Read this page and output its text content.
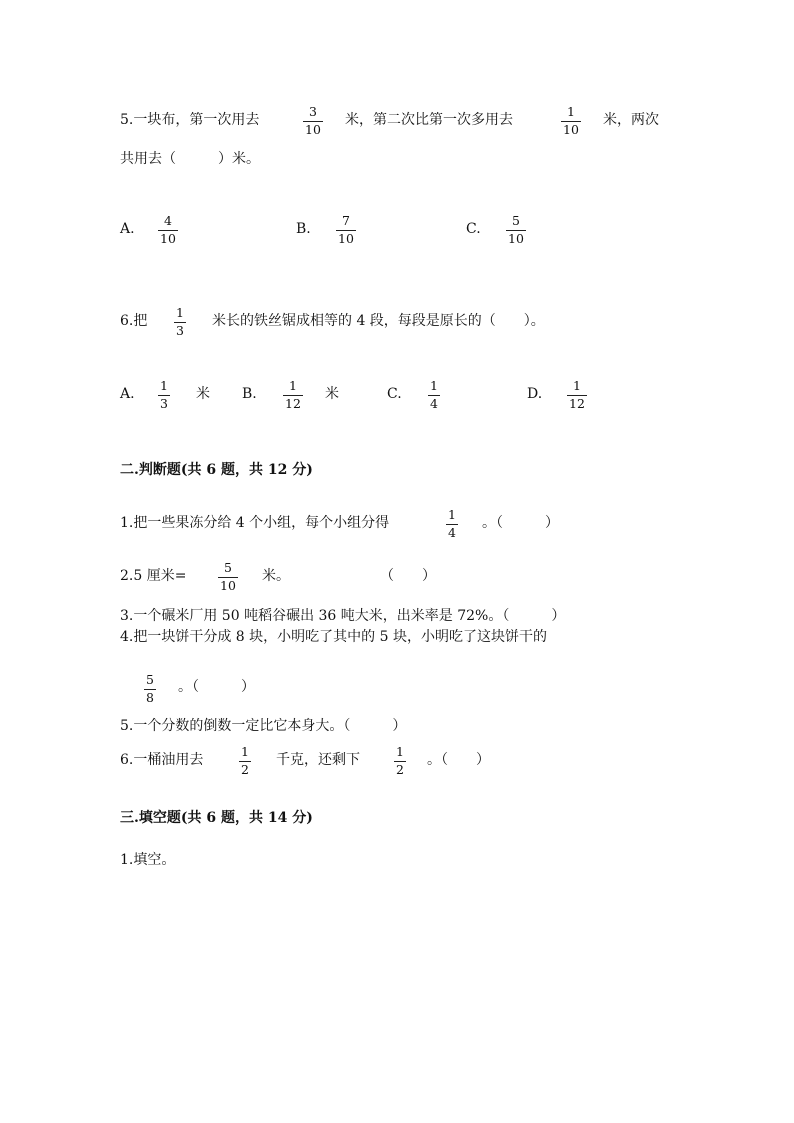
5.一块布，第一次用去
3
10
米，第二次比第一次多用去
1
10
米，两次
共用去（　　　）米。
A.
4
10
B.
7
10
C.
5
10
6.把
1
3
米长的铁丝锯成相等的 4 段，每段是原长的（　　）。
A.
1
3
米 B.
1
12
米	C.
1
4
D.
1
12
二.判断题(共 6 题，共 12 分)
1.把一些果冻分给 4 个小组，每个小组分得
1
4
。（　　　）
2.5 厘米=
5
10
米。	（　　）
3.一个碾米厂用 50 吨稻谷碾出 36 吨大米，出米率是 72%。（　　　）
4.把一块饼干分成 8 块，小明吃了其中的 5 块，小明吃了这块饼干的
5
8
。（　　　）
5.一个分数的倒数一定比它本身大。（　　　）
6.一桶油用去
1
2
千克，还剩下
1
2
。（　　）
三.填空题(共 6 题，共 14 分)
1.填空。
